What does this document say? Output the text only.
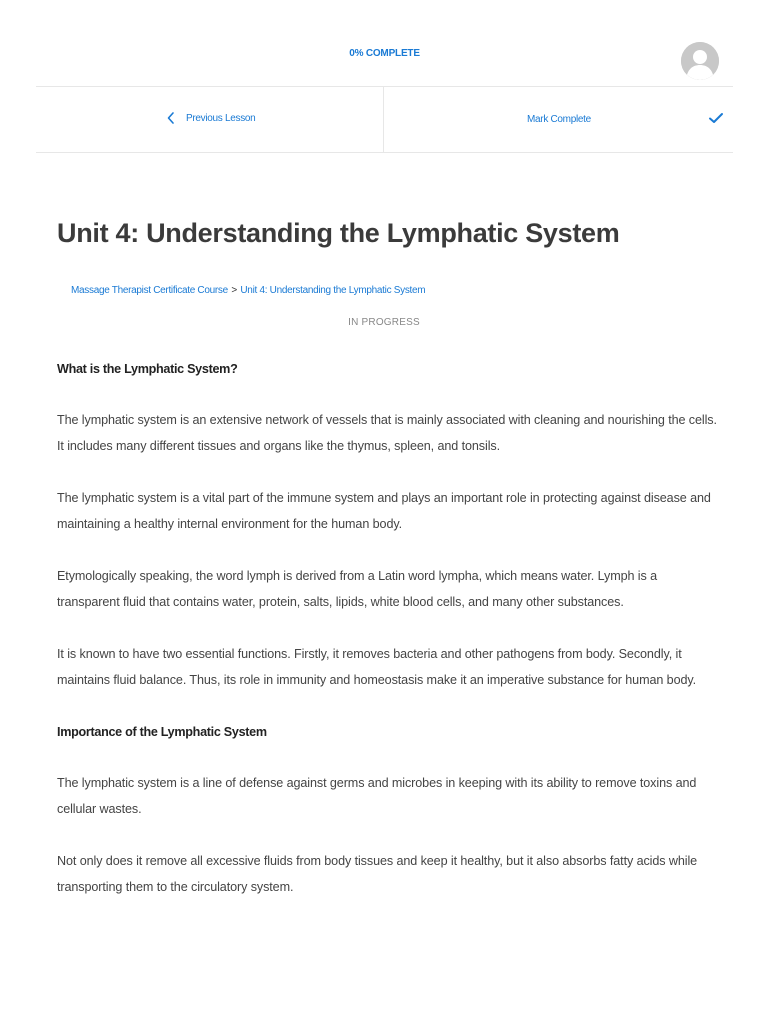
0% COMPLETE
Previous Lesson	Mark Complete
Unit 4: Understanding the Lymphatic System
Massage Therapist Certificate Course > Unit 4: Understanding the Lymphatic System
IN PROGRESS
What is the Lymphatic System?

The lymphatic system is an extensive network of vessels that is mainly associated with cleaning and nourishing the cells. It includes many different tissues and organs like the thymus, spleen, and tonsils.

The lymphatic system is a vital part of the immune system and plays an important role in protecting against disease and maintaining a healthy internal environment for the human body.

Etymologically speaking, the word lymph is derived from a Latin word lympha, which means water. Lymph is a transparent fluid that contains water, protein, salts, lipids, white blood cells, and many other substances.

It is known to have two essential functions. Firstly, it removes bacteria and other pathogens from body. Secondly, it maintains fluid balance. Thus, its role in immunity and homeostasis make it an imperative substance for human body.

Importance of the Lymphatic System

The lymphatic system is a line of defense against germs and microbes in keeping with its ability to remove toxins and cellular wastes.

Not only does it remove all excessive fluids from body tissues and keep it healthy, but it also absorbs fatty acids while transporting them to the circulatory system.
